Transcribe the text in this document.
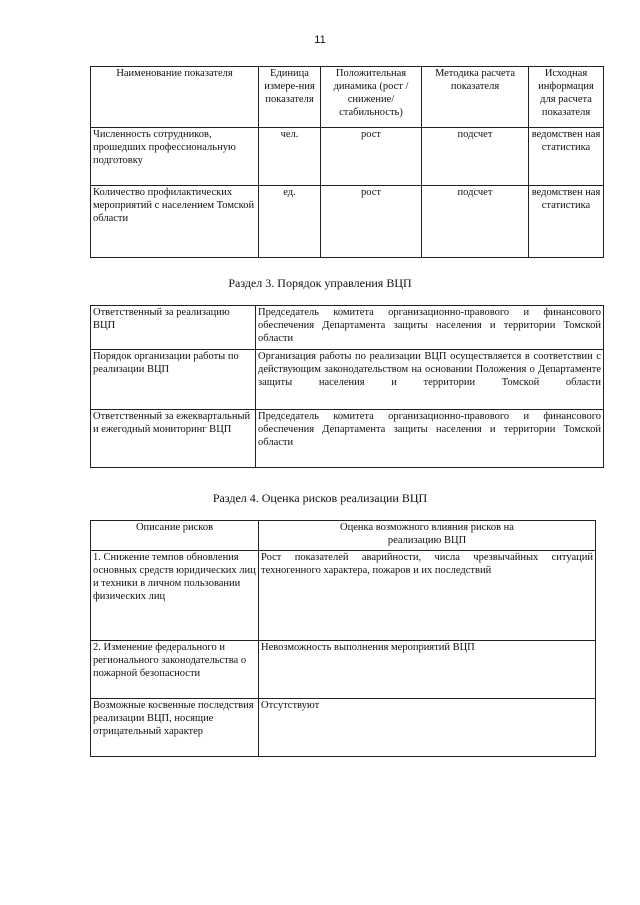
11
Наименование показателя	Единица измере-ния показателя	Положительная динамика (рост / снижение/ стабильность)	Методика расчета показателя	Исходная информация для расчета показателя
Численность сотрудников, прошедших профессиональную подготовку	чел.	рост	подсчет	ведомствен ная статистика
Количество профилактических мероприятий с населением Томской области	ед.	рост	подсчет	ведомствен ная статистика
Раздел 3. Порядок управления ВЦП
Ответственный за реализацию ВЦП	Председатель комитета организационно-правового и финансового обеспечения Департамента защиты населения и территории Томской области
Порядок организации работы по реализации ВЦП	Организация работы по реализации ВЦП осуществляется в соответствии с действующим законодательством на основании Положения о Департаменте защиты населения и территории Томской области
Ответственный за ежеквартальный и ежегодный мониторинг ВЦП	Председатель комитета организационно-правового и финансового обеспечения Департамента защиты населения и территории Томской области
Раздел 4. Оценка рисков реализации ВЦП
Описание рисков	Оценка возможного влияния рисков на реализацию ВЦП
1. Снижение темпов обновления основных средств юридических лиц и техники в личном пользовании физических лиц	Рост показателей аварийности, числа чрезвычайных ситуаций техногенного характера, пожаров и их последствий
2. Изменение федерального и регионального законодательства о пожарной безопасности	Невозможность выполнения мероприятий ВЦП
Возможные косвенные последствия реализации ВЦП, носящие отрицательный характер	Отсутствуют
